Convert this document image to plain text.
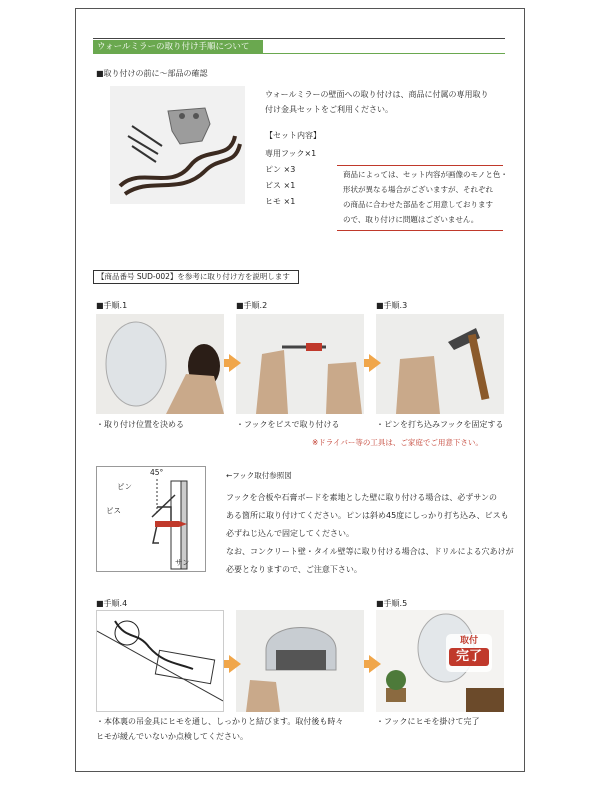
ウォールミラーの取り付け手順について
■取り付けの前に～部品の確認
ウォールミラーの壁面への取り付けは、商品に付属の専用取り
付け金具セットをご利用ください。
【セット内容】
専用フック×1
ピン ×3
ビス ×1
ヒモ ×1
商品によっては、セット内容が画像のモノと色・
形状が異なる場合がございますが、それぞれ
の商品に合わせた部品をご用意しております
ので、取り付けに問題はございません。
【商品番号 SUD-002】を参考に取り付け方を説明します
■手順.1	■手順.2	■手順.3
・取り付け位置を決める	・フックをビスで取り付ける	・ピンを打ち込みフックを固定する
※ドライバー等の工具は、ご家庭でご用意下さい。
45°
ピン
ビス
サン
←フック取付参照図
フックを合板や石膏ボードを素地とした壁に取り付ける場合は、必ずサンの
ある箇所に取り付けてください。ピンは斜め45度にしっかり打ち込み、ビスも
必ずねじ込んで固定してください。
なお、コンクリート壁・タイル壁等に取り付ける場合は、ドリルによる穴あけが
必要となりますので、ご注意下さい。
■手順.4	■手順.5
取付
完了
・本体裏の吊金具にヒモを通し、しっかりと結びます。取付後も時々
ヒモが緩んでいないか点検してください。
・フックにヒモを掛けて完了
